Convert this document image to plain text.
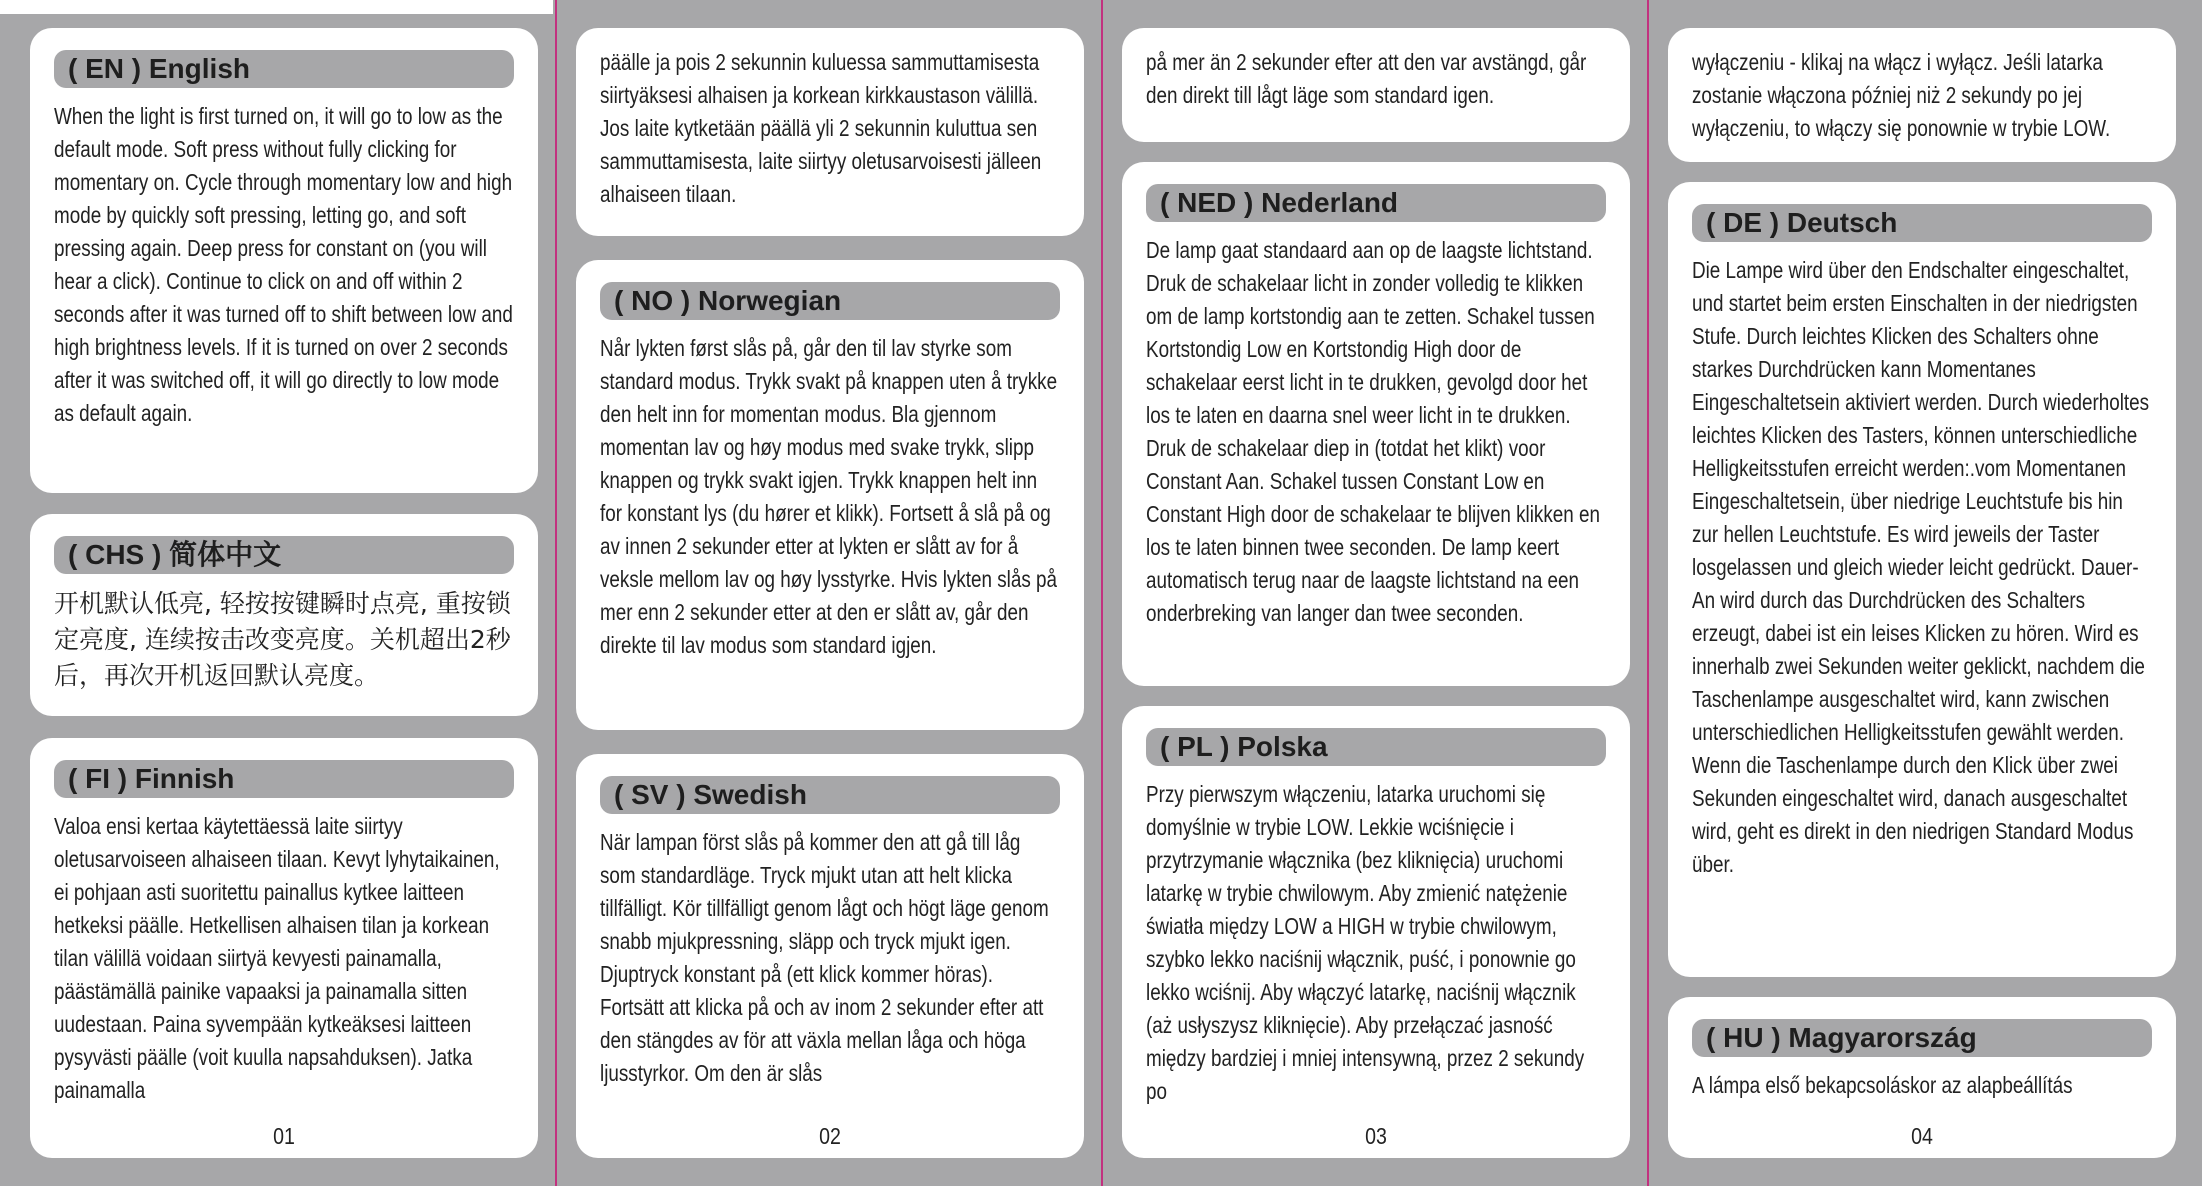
( EN ) English
When the light is first turned on, it will go to low as the default mode. Soft press without fully clicking for momentary on. Cycle through momentary low and high mode by quickly soft pressing, letting go, and soft pressing again. Deep press for constant on (you will hear a click). Continue to click on and off within 2 seconds after it was turned off to shift between low and high brightness levels. If it is turned on over 2 seconds after it was switched off, it will go directly to low mode as default again.
( CHS ) 简体中文
开机默认低亮, 轻按按键瞬时点亮, 重按锁定亮度, 连续按击改变亮度。关机超出2秒后，再次开机返回默认亮度。
( FI ) Finnish
Valoa ensi kertaa käytettäessä laite siirtyy oletusarvoiseen alhaiseen tilaan. Kevyt lyhytaikainen, ei pohjaan asti suoritettu painallus kytkee laitteen hetkeksi päälle. Hetkellisen alhaisen tilan ja korkean tilan välillä voidaan siirtyä kevyesti painamalla, päästämällä painike vapaaksi ja painamalla sitten uudestaan. Paina syvempään kytkeäksesi laitteen pysyvästi päälle (voit kuulla napsahduksen). Jatka painamalla
01
päälle ja pois 2 sekunnin kuluessa sammuttamisesta siirtyäksesi alhaisen ja korkean kirkkaustason välillä. Jos laite kytketään päällä yli 2 sekunnin kuluttua sen sammuttamisesta, laite siirtyy oletusarvoisesti jälleen alhaiseen tilaan.
( NO ) Norwegian
Når lykten først slås på, går den til lav styrke som standard modus. Trykk svakt på knappen uten å trykke den helt inn for momentan modus. Bla gjennom momentan lav og høy modus med svake trykk, slipp knappen og trykk svakt igjen. Trykk knappen helt inn for konstant lys (du hører et klikk). Fortsett å slå på og av innen 2 sekunder etter at lykten er slått av for å veksle mellom lav og høy lysstyrke. Hvis lykten slås på mer enn 2 sekunder etter at den er slått av, går den direkte til lav modus som standard igjen.
( SV ) Swedish
När lampan först slås på kommer den att gå till låg som standardläge. Tryck mjukt utan att helt klicka tillfälligt. Kör tillfälligt genom lågt och högt läge genom snabb mjukpressning, släpp och tryck mjukt igen. Djuptryck konstant på (ett klick kommer höras). Fortsätt att klicka på och av inom 2 sekunder efter att den stängdes av för att växla mellan låga och höga ljusstyrkor. Om den är slås
02
på mer än 2 sekunder efter att den var avstängd, går den direkt till lågt läge som standard igen.
( NED ) Nederland
De lamp gaat standaard aan op de laagste lichtstand. Druk de schakelaar licht in zonder volledig te klikken om de lamp kortstondig aan te zetten. Schakel tussen Kortstondig Low en Kortstondig High door de schakelaar eerst licht in te drukken, gevolgd door het los te laten en daarna snel weer licht in te drukken. Druk de schakelaar diep in (totdat het klikt) voor Constant Aan. Schakel tussen Constant Low en Constant High door de schakelaar te blijven klikken en los te laten binnen twee seconden. De lamp keert automatisch terug naar de laagste lichtstand na een onderbreking van langer dan twee seconden.
( PL ) Polska
Przy pierwszym włączeniu, latarka uruchomi się domyślnie w trybie LOW. Lekkie wciśnięcie i przytrzymanie włącznika (bez kliknięcia) uruchomi latarkę w trybie chwilowym. Aby zmienić natężenie światła między LOW a HIGH w trybie chwilowym, szybko lekko naciśnij włącznik, puść, i ponownie go lekko wciśnij. Aby włączyć latarkę, naciśnij włącznik (aż usłyszysz kliknięcie). Aby przełączać jasność między bardziej i mniej intensywną, przez 2 sekundy po
03
wyłączeniu - klikaj na włącz i wyłącz. Jeśli latarka zostanie włączona później niż 2 sekundy po jej wyłączeniu, to włączy się ponownie w trybie LOW.
( DE ) Deutsch
Die Lampe wird über den Endschalter eingeschaltet, und startet beim ersten Einschalten in der niedrigsten Stufe. Durch leichtes Klicken des Schalters ohne starkes Durchdrücken kann Momentanes Eingeschaltetsein aktiviert werden. Durch wiederholtes leichtes Klicken des Tasters, können unterschiedliche Helligkeitsstufen erreicht werden:.vom Momentanen Eingeschaltetsein, über niedrige Leuchtstufe bis hin zur hellen Leuchtstufe. Es wird jeweils der Taster losgelassen und gleich wieder leicht gedrückt. Dauer-An wird durch das Durchdrücken des Schalters erzeugt, dabei ist ein leises Klicken zu hören. Wird es innerhalb zwei Sekunden weiter geklickt, nachdem die Taschenlampe ausgeschaltet wird, kann zwischen unterschiedlichen Helligkeitsstufen gewählt werden. Wenn die Taschenlampe durch den Klick über zwei Sekunden eingeschaltet wird, danach ausgeschaltet wird, geht es direkt in den niedrigen Standard Modus über.
( HU ) Magyarország
A lámpa első bekapcsoláskor az alapbeállítás
04
